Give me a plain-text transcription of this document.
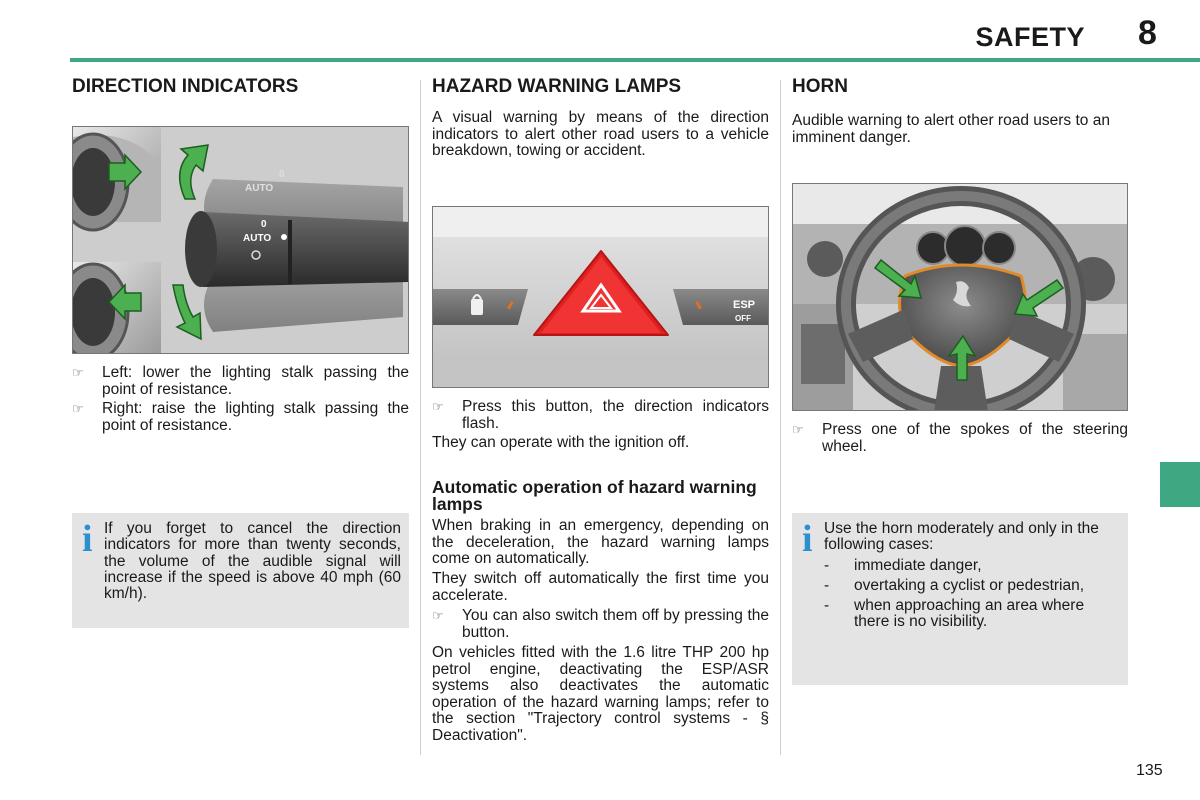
SAFETY 8
DIRECTION INDICATORS
AUTO
0
AUTO
0
☞ Left: lower the lighting stalk passing the point of resistance.
☞ Right: raise the lighting stalk passing the point of resistance.
i If you forget to cancel the direction indicators for more than twenty seconds, the volume of the audible signal will increase if the speed is above 40 mph (60 km/h).
HAZARD WARNING LAMPS
A visual warning by means of the direction indicators to alert other road users to a vehicle breakdown, towing or accident.
ESP
OFF
☞ Press this button, the direction indicators flash.
They can operate with the ignition off.
Automatic operation of hazard warning lamps
When braking in an emergency, depending on the deceleration, the hazard warning lamps come on automatically.
They switch off automatically the first time you accelerate.
☞ You can also switch them off by pressing the button.
On vehicles fitted with the 1.6 litre THP 200 hp petrol engine, deactivating the ESP/ASR systems also deactivates the automatic operation of the hazard warning lamps; refer to the section "Trajectory control systems - § Deactivation".
HORN
Audible warning to alert other road users to an imminent danger.
☞ Press one of the spokes of the steering wheel.
i Use the horn moderately and only in the following cases:
- immediate danger,
- overtaking a cyclist or pedestrian,
- when approaching an area where there is no visibility.
135
